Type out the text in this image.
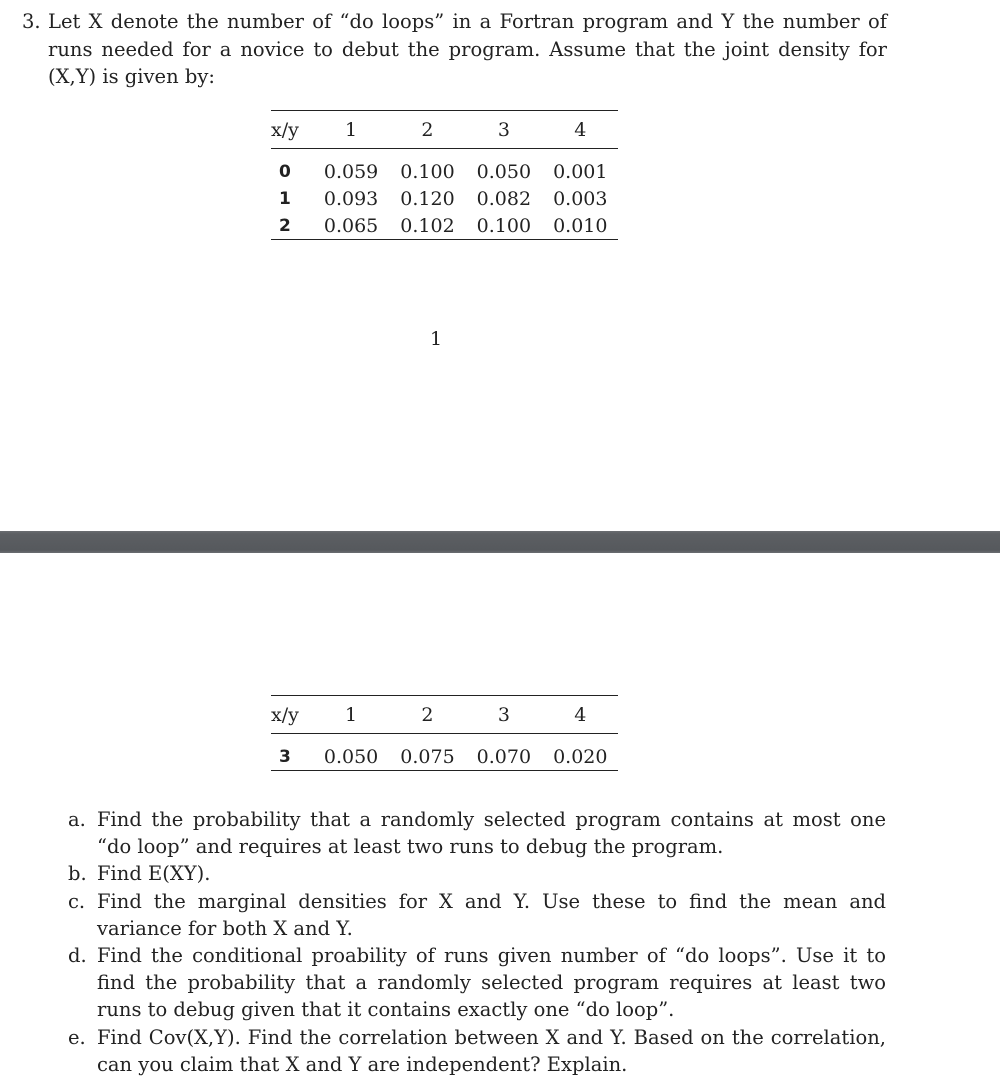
3. Let X denote the number of “do loops” in a Fortran program and Y the number of runs needed for a novice to debut the program. Assume that the joint density for (X,Y) is given by:
x/y	1	2	3	4
0	0.059	0.100	0.050	0.001
1	0.093	0.120	0.082	0.003
2	0.065	0.102	0.100	0.010
1
x/y	1	2	3	4
3	0.050	0.075	0.070	0.020
a. Find the probability that a randomly selected program contains at most one “do loop” and requires at least two runs to debug the program.
b. Find E(XY).
c. Find the marginal densities for X and Y. Use these to find the mean and variance for both X and Y.
d. Find the conditional proability of runs given number of “do loops”. Use it to find the probability that a randomly selected program requires at least two runs to debug given that it contains exactly one “do loop”.
e. Find Cov(X,Y). Find the correlation between X and Y. Based on the correlation, can you claim that X and Y are independent? Explain.
